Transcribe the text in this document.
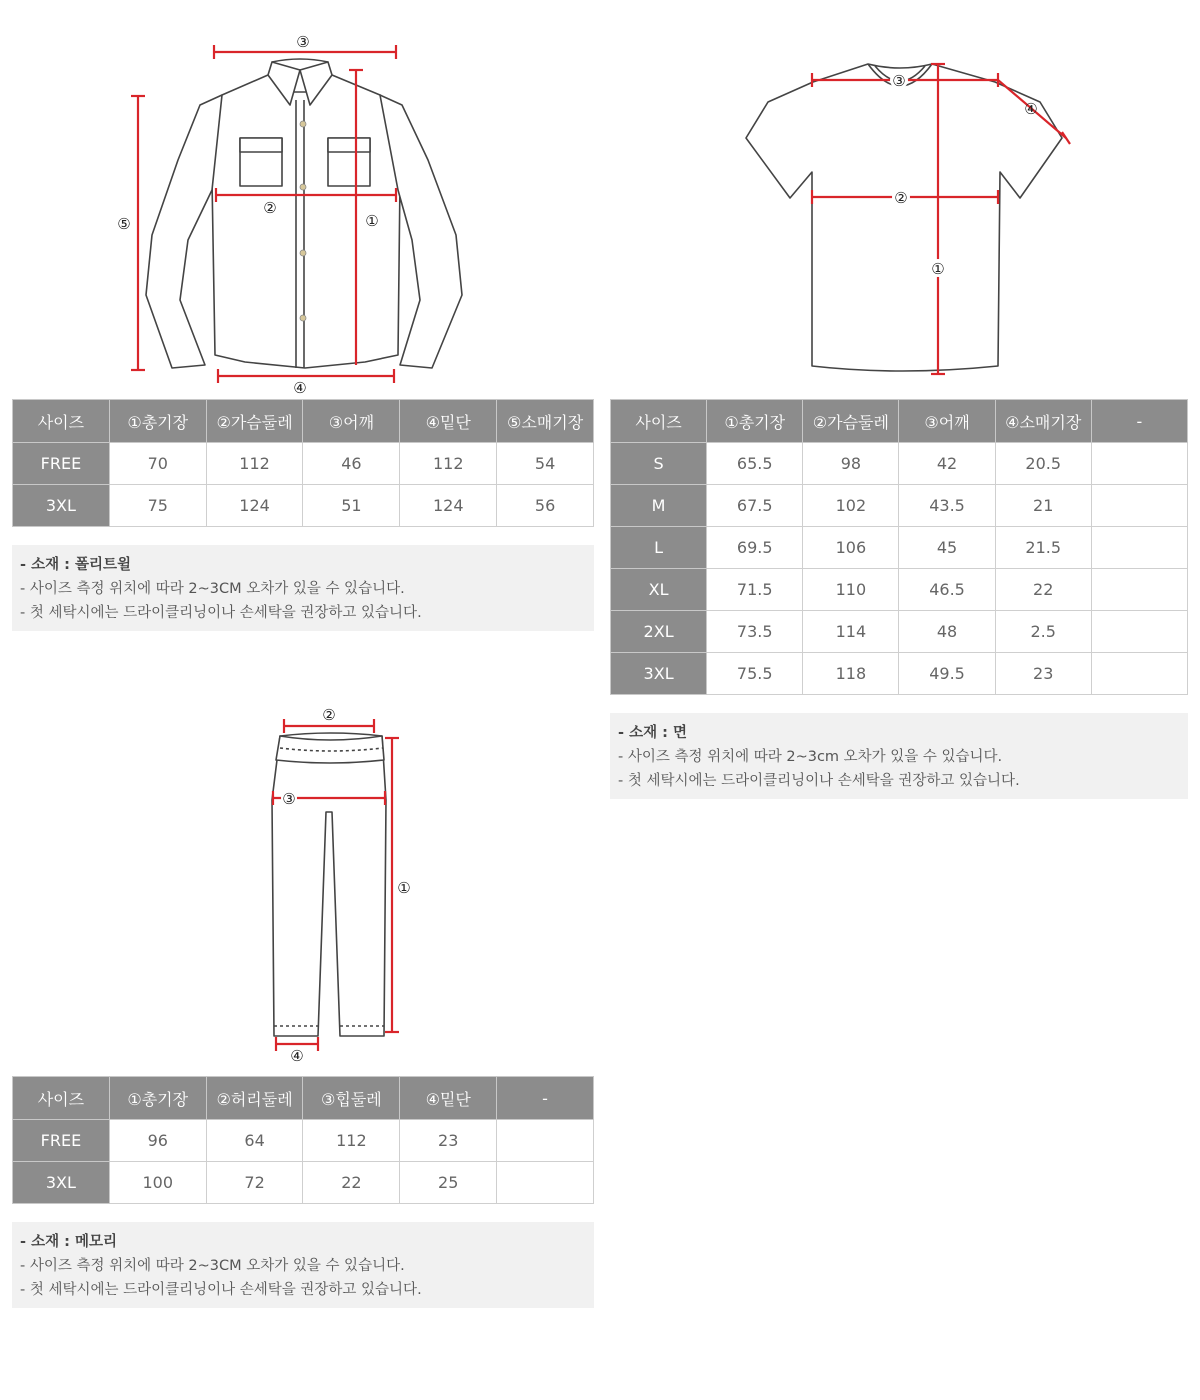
③
②
①
⑤
④
③
④
②
①
사이즈	①총기장	②가슴둘레	③어깨	④밑단	⑤소매기장
FREE	70	112	46	112	54
3XL	75	124	51	124	56
- 소재 : 폴리트윌
- 사이즈 측정 위치에 따라 2~3CM 오차가 있을 수 있습니다.
- 첫 세탁시에는 드라이클리닝이나 손세탁을 권장하고 있습니다.
사이즈	①총기장	②가슴둘레	③어깨	④소매기장	-
S	65.5	98	42	20.5	
M	67.5	102	43.5	21	
L	69.5	106	45	21.5	
XL	71.5	110	46.5	22	
2XL	73.5	114	48	2.5	
3XL	75.5	118	49.5	23	
- 소재 : 면
- 사이즈 측정 위치에 따라 2~3cm 오차가 있을 수 있습니다.
- 첫 세탁시에는 드라이클리닝이나 손세탁을 권장하고 있습니다.
②
③
①
④
사이즈	①총기장	②허리둘레	③힙둘레	④밑단	-
FREE	96	64	112	23	
3XL	100	72	22	25	
- 소재 : 메모리
- 사이즈 측정 위치에 따라 2~3CM 오차가 있을 수 있습니다.
- 첫 세탁시에는 드라이클리닝이나 손세탁을 권장하고 있습니다.
